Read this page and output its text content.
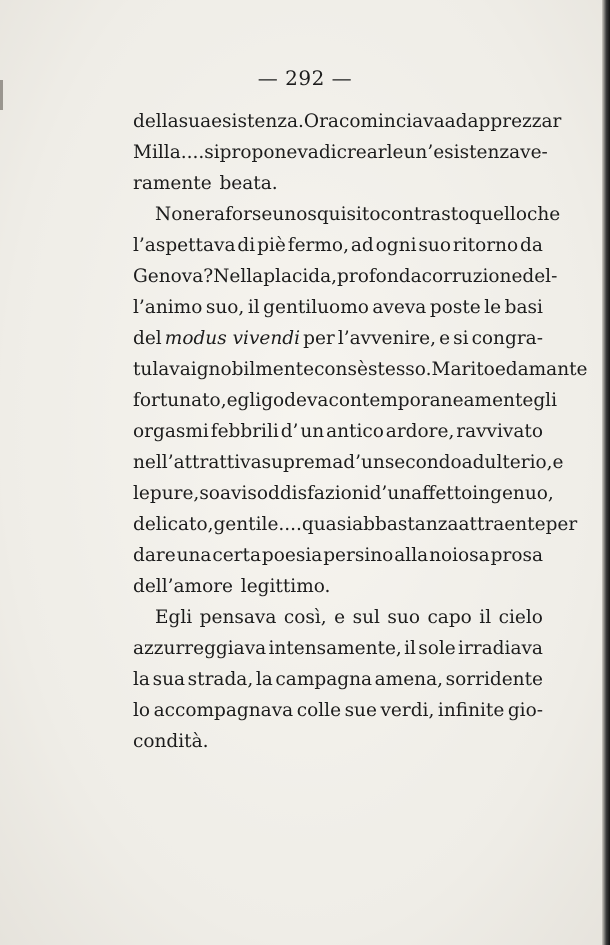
— 292 —
della sua esistenza. Ora cominciava ad apprezzar
Milla.... si proponeva di crearle un’esistenza ve-
ramente beata.
Non era forse uno squisito contrasto quello che
l’aspettava di piè fermo, ad ogni suo ritorno da
Genova? Nella placida, profonda corruzione del-
l’animo suo, il gentiluomo aveva poste le basi
del modus vivendi per l’avvenire, e si congra-
tulava ignobilmente con sè stesso. Marito ed amante
fortunato, egli godeva contemporaneamente gli
orgasmi febbrili d’ un antico ardore, ravvivato
nell’attrattiva suprema d’un secondo adulterio, e
le pure, soavi soddisfazioni d’un affetto ingenuo,
delicato, gentile.... quasi abbastanza attraente per
dare una certa poesia persino alla noiosa prosa
dell’amore legittimo.
Egli pensava così, e sul suo capo il cielo
azzurreggiava intensamente, il sole irradiava
la sua strada, la campagna amena, sorridente
lo accompagnava colle sue verdi, infinite gio-
condità.
